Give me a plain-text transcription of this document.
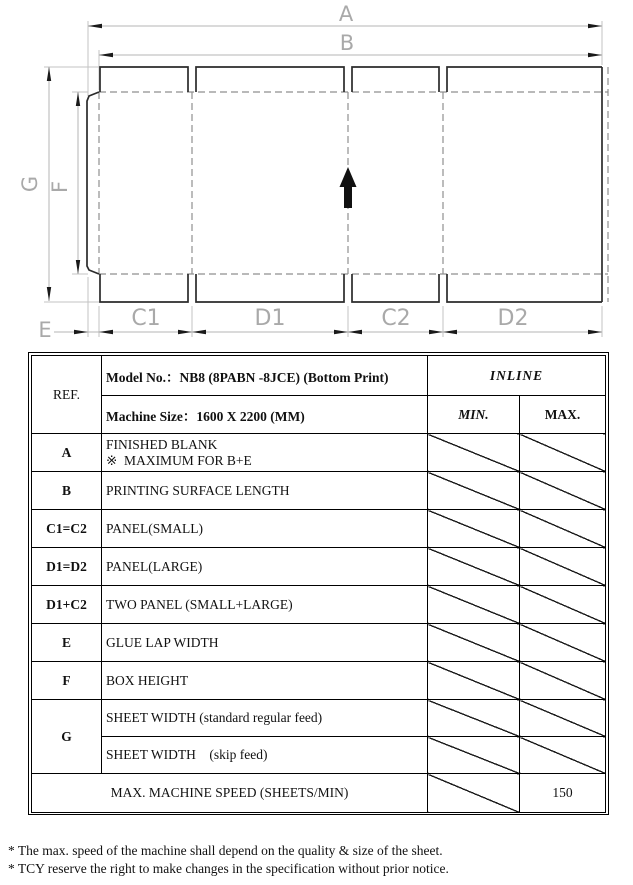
A
B
G F
E	C1	D1	C2	D2
REF.	Model No.：NB8 (8PABN -8JCE) (Bottom Print)	INLINE	
	Machine Size：1600 X 2200 (MM)	MIN.	MAX.
A	FINISHED BLANK
※  MAXIMUM FOR B+E		
B	PRINTING SURFACE LENGTH		
C1=C2	PANEL(SMALL)		
D1=D2	PANEL(LARGE)		
D1+C2	TWO PANEL (SMALL+LARGE)		
E	GLUE LAP WIDTH		
F	BOX HEIGHT		
G	SHEET WIDTH (standard regular feed)		
	SHEET WIDTH    (skip feed)		
MAX. MACHINE SPEED (SHEETS/MIN)			150
* The max. speed of the machine shall depend on the quality & size of the sheet.
* TCY reserve the right to make changes in the specification without prior notice.
